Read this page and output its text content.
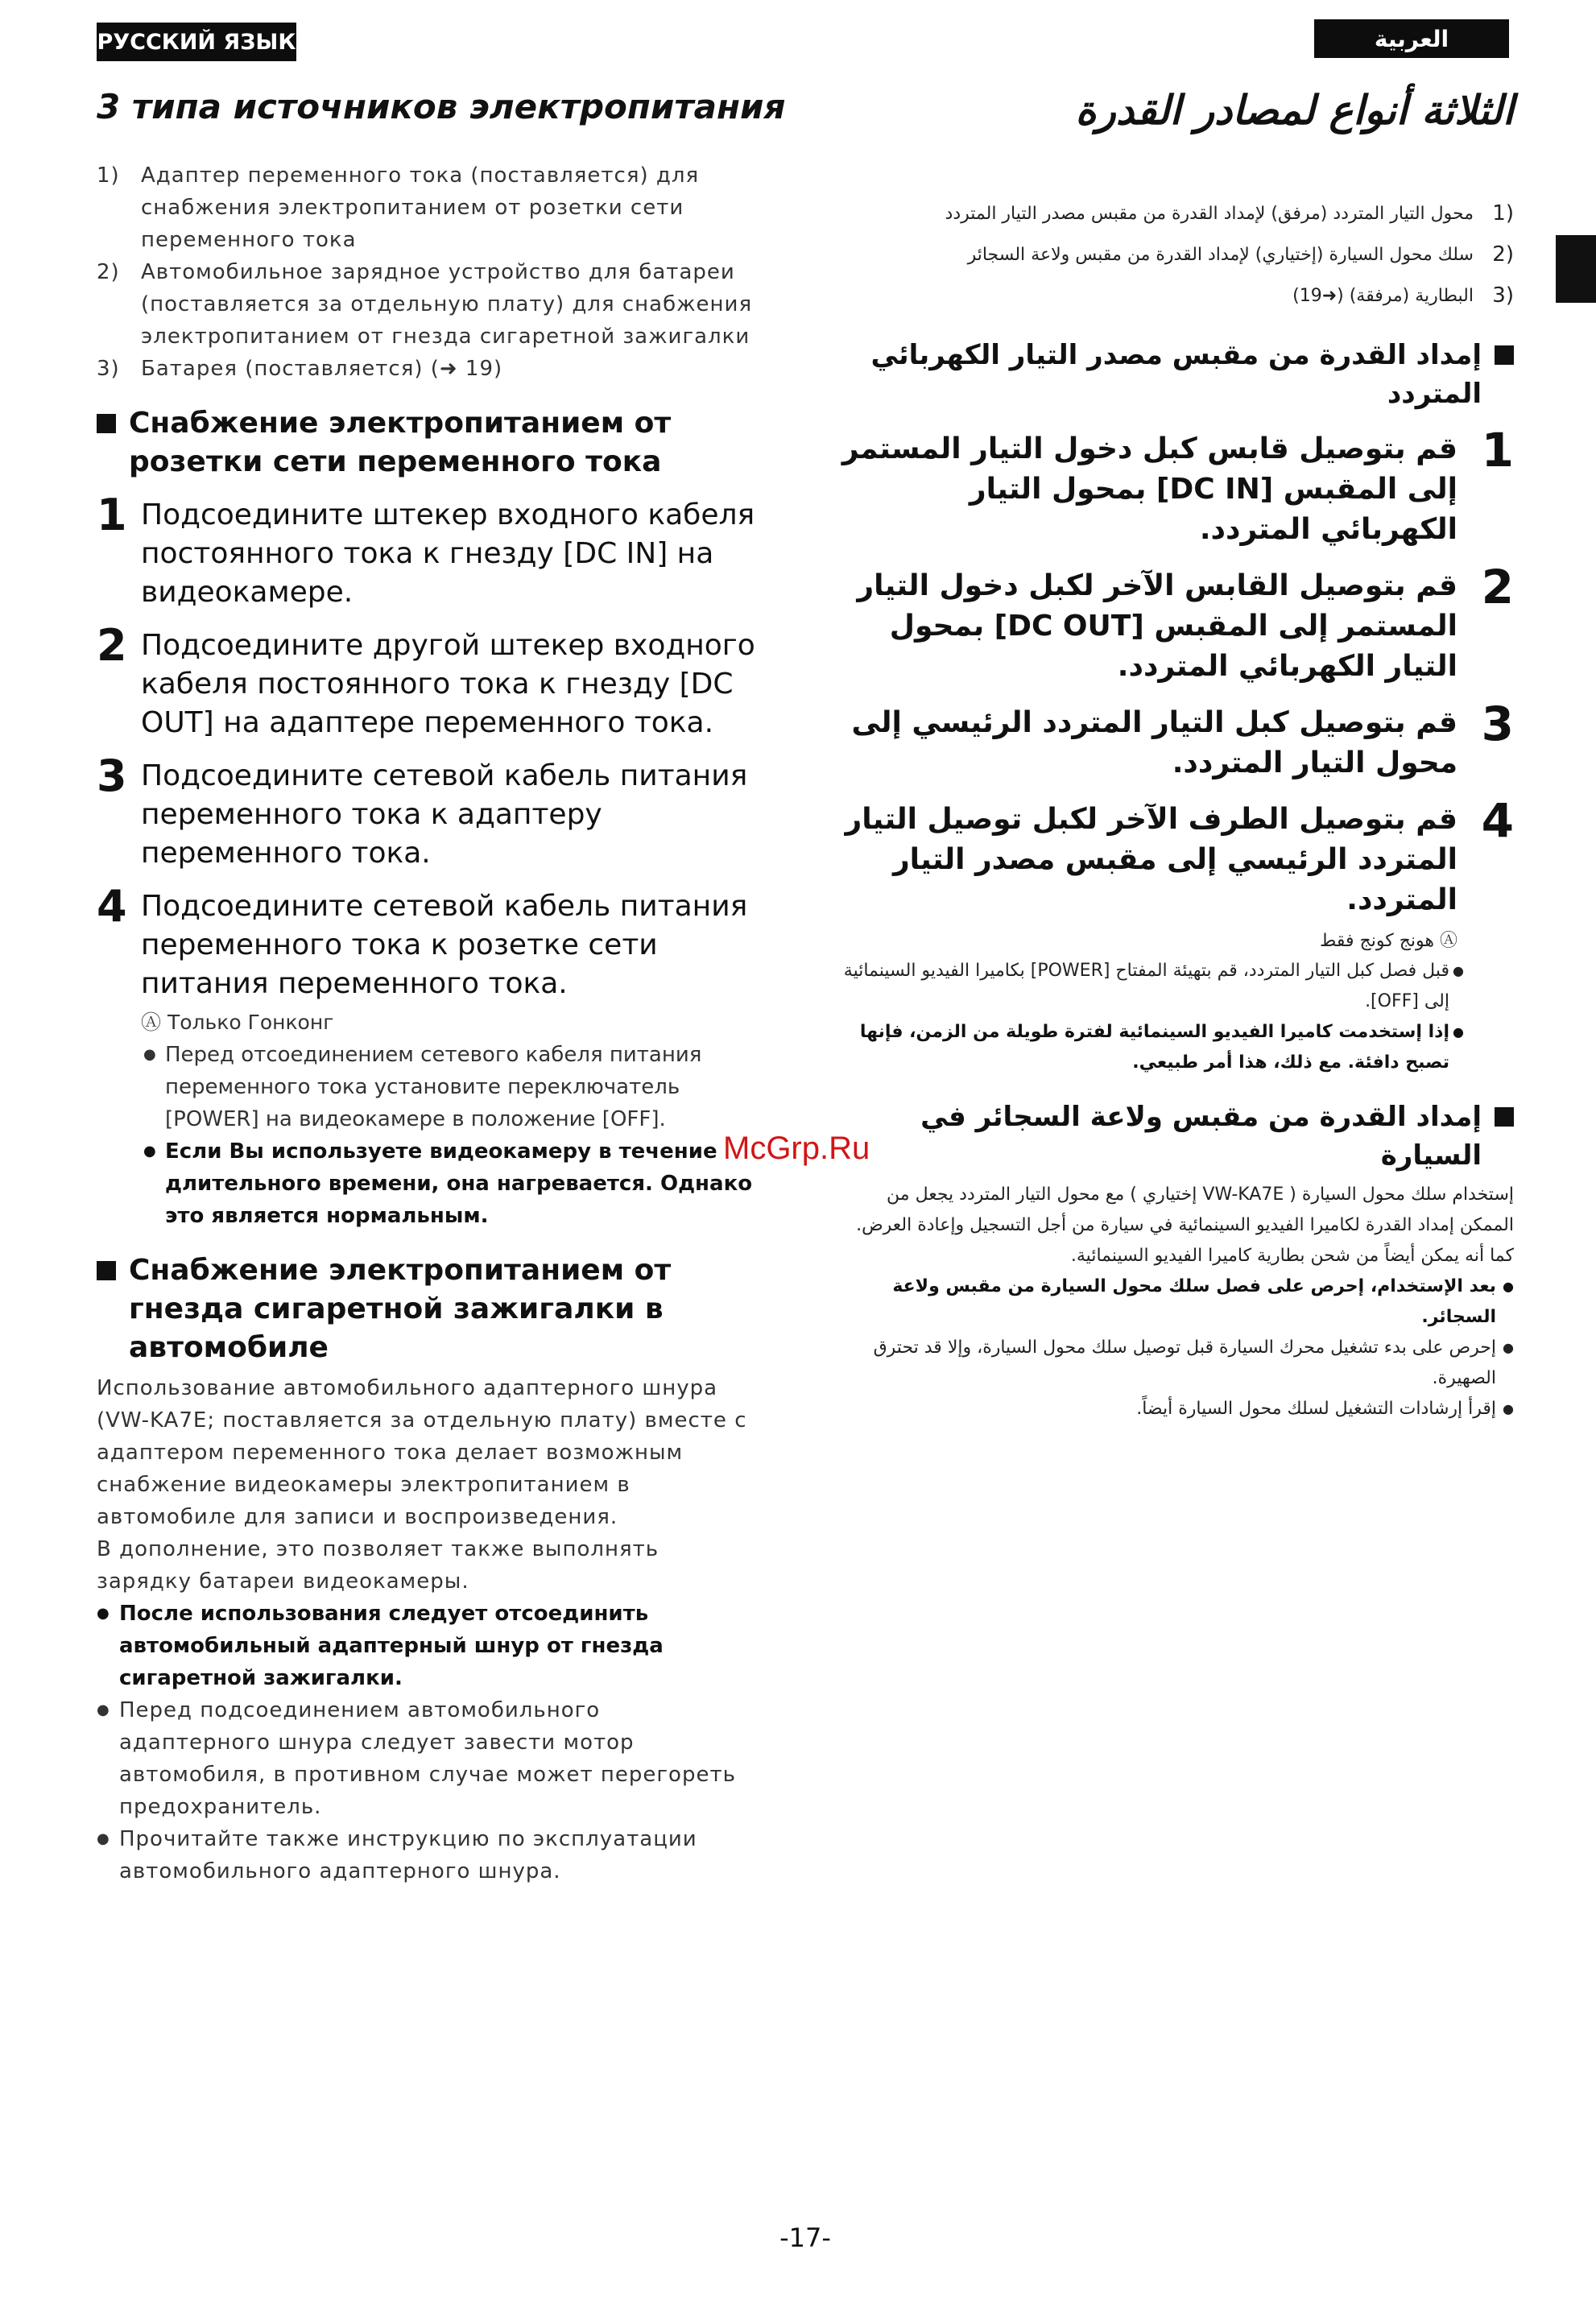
РУССКИЙ ЯЗЫК	العربية
3 типа источников электропитания
1) Адаптер переменного тока (поставляется) для снабжения электропитанием от розетки сети переменного тока
2) Автомобильное зарядное устройство для батареи (поставляется за отдельную плату) для снабжения электропитанием от гнезда сигаретной зажигалки
3) Батарея (поставляется) (➜ 19)
Снабжение электропитанием от розетки сети переменного тока
1 Подсоедините штекер входного кабеля постоянного тока к гнезду [DC IN] на видеокамере.
2 Подсоедините другой штекер входного кабеля постоянного тока к гнезду [DC OUT] на адаптере переменного тока.
3 Подсоедините сетевой кабель питания переменного тока к адаптеру переменного тока.
4 Подсоедините сетевой кабель питания переменного тока к розетке сети питания переменного тока.
Ⓐ Только Гонконг
● Перед отсоединением сетевого кабеля питания переменного тока установите переключатель [POWER] на видеокамере в положение [OFF].
● Если Вы используете видеокамеру в течение длительного времени, она нагревается. Однако это является нормальным.
Снабжение электропитанием от гнезда сигаретной зажигалки в автомобиле
Использование автомобильного адаптерного шнура (VW-KA7E; поставляется за отдельную плату) вместе с адаптером переменного тока делает возможным снабжение видеокамеры электропитанием в автомобиле для записи и воспроизведения.
В дополнение, это позволяет также выполнять зарядку батареи видеокамеры.
● После использования следует отсоединить автомобильный адаптерный шнур от гнезда сигаретной зажигалки.
● Перед подсоединением автомобильного адаптерного шнура следует завести мотор автомобиля, в противном случае может перегореть предохранитель.
● Прочитайте также инструкцию по эксплуатации автомобильного адаптерного шнура.
الثلاثة أنواع لمصادر القدرة
(1
محول التيار المتردد (مرفق) لإمداد القدرة من مقبس مصدر التيار المتردد
(2
سلك محول السيارة (إختياري) لإمداد القدرة من مقبس ولاعة السجائر
(3
البطارية (مرفقة) (➜19)
إمداد القدرة من مقبس مصدر التيار الكهربائي المتردد
1
قم بتوصيل قابس كبل دخول التيار المستمر إلى المقبس [DC IN] بمحول التيار الكهربائي المتردد.
2
قم بتوصيل القابس الآخر لكبل دخول التيار المستمر إلى المقبس [DC OUT] بمحول التيار الكهربائي المتردد.
3
قم بتوصيل كبل التيار المتردد الرئيسي إلى محول التيار المتردد.
4
قم بتوصيل الطرف الآخر لكبل توصيل التيار المتردد الرئيسي إلى مقبس مصدر التيار المتردد.
Ⓐ هونج كونج فقط
● قبل فصل كبل التيار المتردد، قم بتهيئة المفتاح [POWER] بكاميرا الفيديو السينمائية إلى [OFF].
● إذا إستخدمت كاميرا الفيديو السينمائية لفترة طويلة من الزمن، فإنها تصبح دافئة. مع ذلك، هذا أمر طبيعي.
إمداد القدرة من مقبس ولاعة السجائر في السيارة
إستخدام سلك محول السيارة ( VW-KA7E إختياري ) مع محول التيار المتردد يجعل من الممكن إمداد القدرة لكاميرا الفيديو السينمائية في سيارة من أجل التسجيل وإعادة العرض. كما أنه يمكن أيضاً من شحن بطارية كاميرا الفيديو السينمائية.
● بعد الإستخدام، إحرص على فصل سلك محول السيارة من مقبس ولاعة السجائر.
● إحرص على بدء تشغيل محرك السيارة قبل توصيل سلك محول السيارة، وإلا قد تحترق الصهيرة.
● إقرأ إرشادات التشغيل لسلك محول السيارة أيضاً.
McGrp.Ru
-17-
